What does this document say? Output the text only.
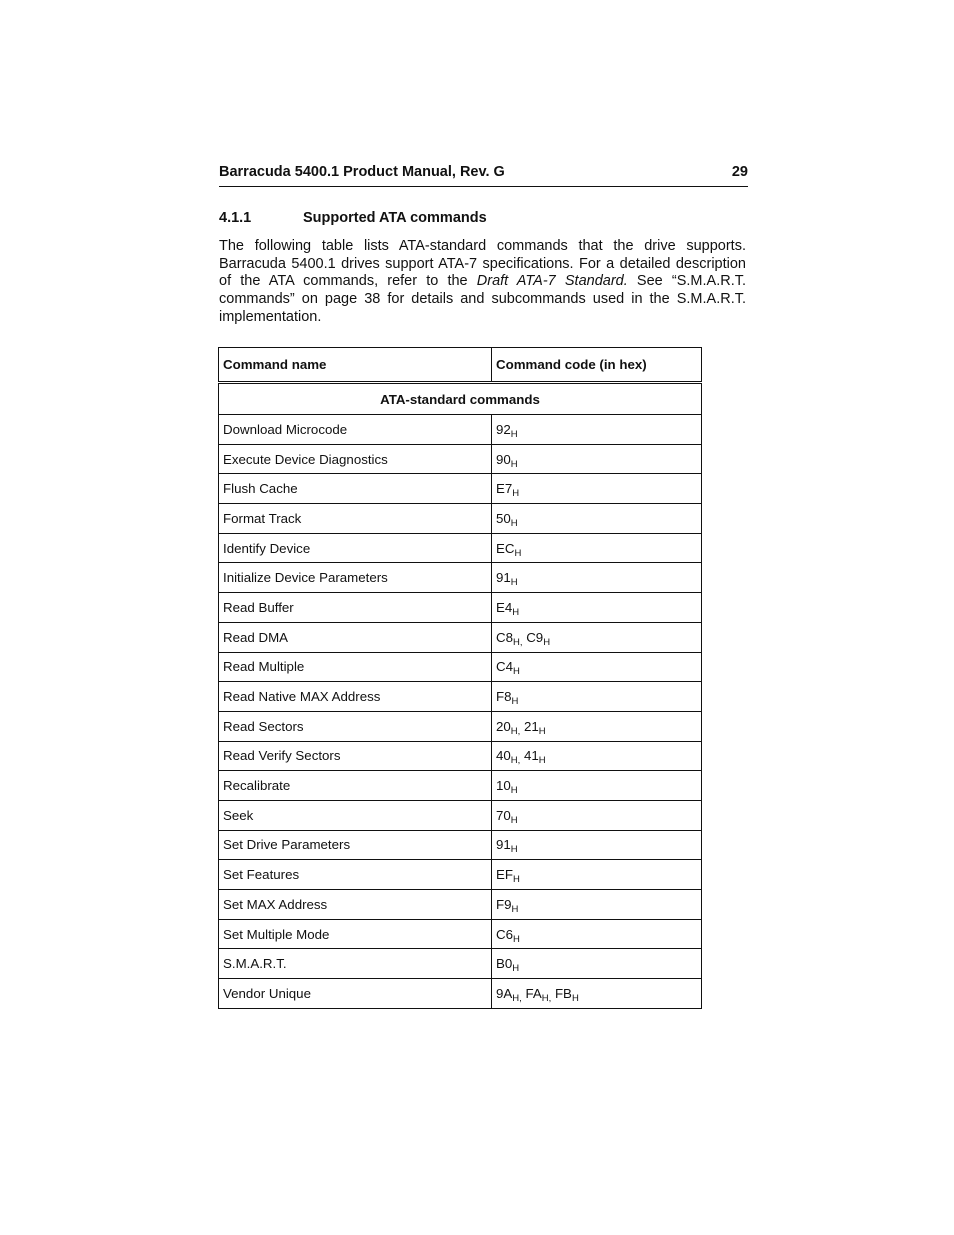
Barracuda 5400.1 Product Manual, Rev. G	29
4.1.1	Supported ATA commands

The following table lists ATA-standard commands that the drive supports. Barracuda 5400.1 drives support ATA-7 specifications. For a detailed description of the ATA commands, refer to the Draft ATA-7 Standard. See “S.M.A.R.T. commands” on page 38 for details and subcommands used in the S.M.A.R.T. implementation.

Command name	Command code (in hex)
ATA-standard commands	
Download Microcode	$92_H$
Execute Device Diagnostics	$90_H$
Flush Cache	$E7_H$
Format Track	$50_H$
Identify Device	$EC_H$
Initialize Device Parameters	$91_H$
Read Buffer	$E4_H$
Read DMA	$C8_{H,}$ $C9_H$
Read Multiple	$C4_H$
Read Native MAX Address	$F8_H$
Read Sectors	$20_{H,}$ $21_H$
Read Verify Sectors	$40_{H,}$ $41_H$
Recalibrate	$10_H$
Seek	$70_H$
Set Drive Parameters	$91_H$
Set Features	$EF_H$
Set MAX Address	$F9_H$
Set Multiple Mode	$C6_H$
S.M.A.R.T.	$B0_H$
Vendor Unique	$9A_{H,}$ $FA_{H,}$ $FB_H$
